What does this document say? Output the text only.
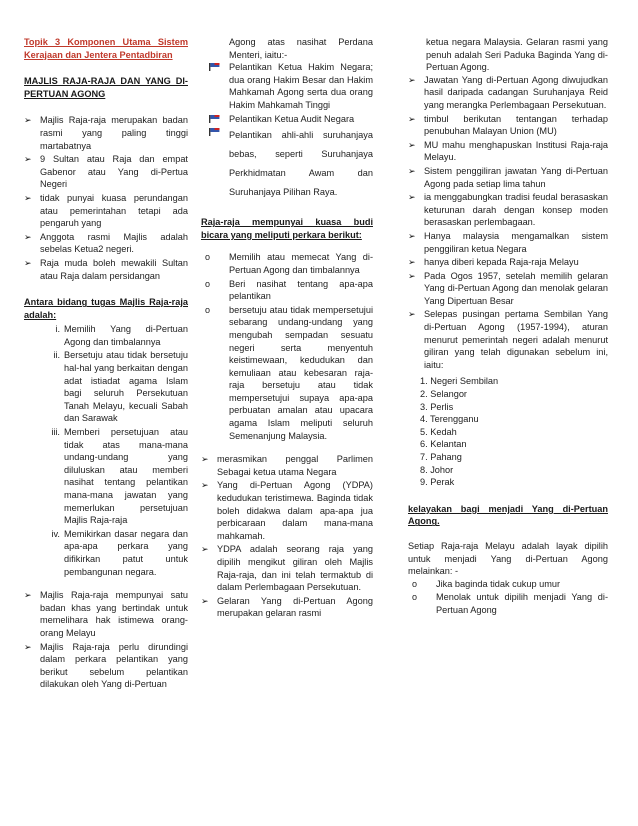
Topik 3 Komponen Utama Sistem Kerajaan dan Jentera Pentadbiran

MAJLIS RAJA-RAJA DAN YANG DI-PERTUAN AGONG

➢ Majlis Raja-raja merupakan badan rasmi yang paling tinggi martabatnya
➢ 9 Sultan atau Raja dan empat Gabenor atau Yang di-Pertua Negeri
➢ tidak punyai kuasa perundangan atau pemerintahan tetapi ada pengaruh yang
➢ Anggota rasmi Majlis adalah sebelas Ketua2 negeri.
➢ Raja muda boleh mewakili Sultan atau Raja dalam persidangan

Antara bidang tugas Majlis Raja-raja adalah:

i. Memilih Yang di-Pertuan Agong dan timbalannya
ii. Bersetuju atau tidak bersetuju hal-hal yang berkaitan dengan adat istiadat agama Islam bagi seluruh Persekutuan Tanah Melayu, kecuali Sabah dan Sarawak
iii. Memberi persetujuan atau tidak atas mana-mana undang-undang yang diluluskan atau memberi nasihat tentang pelantikan mana-mana jawatan yang memerlukan persetujuan Majlis Raja-raja
iv. Memikirkan dasar negara dan apa-apa perkara yang difikirkan patut untuk pembangunan negara.
➢ Majlis Raja-raja mempunyai satu badan khas yang bertindak untuk memelihara hak istimewa orang-orang Melayu
➢ Majlis Raja-raja perlu dirundingi dalam perkara pelantikan yang berikut sebelum pelantikan dilakukan oleh Yang di-Pertuan

Agong atas nasihat Perdana Menteri, iaitu:-

Pelantikan Ketua Hakim Negara; dua orang Hakim Besar dan Hakim Mahkamah Agong serta dua orang Hakim Mahkamah Tinggi
Pelantikan Ketua Audit Negara
Pelantikan ahli-ahli suruhanjaya bebas, seperti Suruhanjaya Perkhidmatan Awam dan Suruhanjaya Pilihan Raya.

Raja-raja mempunyai kuasa budi bicara yang meliputi perkara berikut:

o Memilih atau memecat Yang di-Pertuan Agong dan timbalannya
o Beri nasihat tentang apa-apa pelantikan
o bersetuju atau tidak mempersetujui sebarang undang-undang yang mengubah sempadan sesuatu negeri serta menyentuh keistimewaan, kedudukan dan kemuliaan atau kebesaran raja-raja bersetuju atau tidak mempersetujui supaya apa-apa perbuatan amalan atau upacara agama Islam meliputi seluruh Semenanjung Malaysia.
➢ merasmikan penggal Parlimen Sebagai ketua utama Negara
➢ Yang di-Pertuan Agong (YDPA) kedudukan teristimewa. Baginda tidak boleh didakwa dalam apa-apa jua perbicaraan dalam mana-mana mahkamah.
➢ YDPA adalah seorang raja yang dipilih mengikut giliran oleh Majlis Raja-raja, dan ini telah termaktub di dalam Perlembagaan Persekutuan.
➢ Gelaran Yang di-Pertuan Agong merupakan gelaran rasmi

ketua negara Malaysia. Gelaran rasmi yang penuh adalah Seri Paduka Baginda Yang di-Pertuan Agong.

➢ Jawatan Yang di-Pertuan Agong diwujudkan hasil daripada cadangan Suruhanjaya Reid yang merangka Perlembagaan Persekutuan.
➢ timbul berikutan tentangan terhadap penubuhan Malayan Union (MU)
➢ MU mahu menghapuskan Institusi Raja-raja Melayu.
➢ Sistem penggiliran jawatan Yang di-Pertuan Agong pada setiap lima tahun
➢ ia menggabungkan tradisi feudal berasaskan keturunan darah dengan konsep moden berasaskan perlembagaan.
➢ Hanya malaysia mengamalkan sistem penggiliran ketua Negara
➢ hanya diberi kepada Raja-raja Melayu
➢ Pada Ogos 1957, setelah memilih gelaran Yang di-Pertuan Agong dan menolak gelaran Yang Dipertuan Besar
➢ Selepas pusingan pertama Sembilan Yang di-Pertuan Agong (1957-1994), aturan menurut pemerintah negeri adalah menurut giliran yang telah digunakan sebelum ini, iaitu:
1. Negeri Sembilan
2. Selangor
3. Perlis
4. Terengganu
5. Kedah
6. Kelantan
7. Pahang
8. Johor
9. Perak

kelayakan bagi menjadi Yang di-Pertuan Agong.

Setiap Raja-raja Melayu adalah layak dipilih untuk menjadi Yang di-Pertuan Agong melainkan: -

o Jika baginda tidak cukup umur
o Menolak untuk dipilih menjadi Yang di-Pertuan Agong
